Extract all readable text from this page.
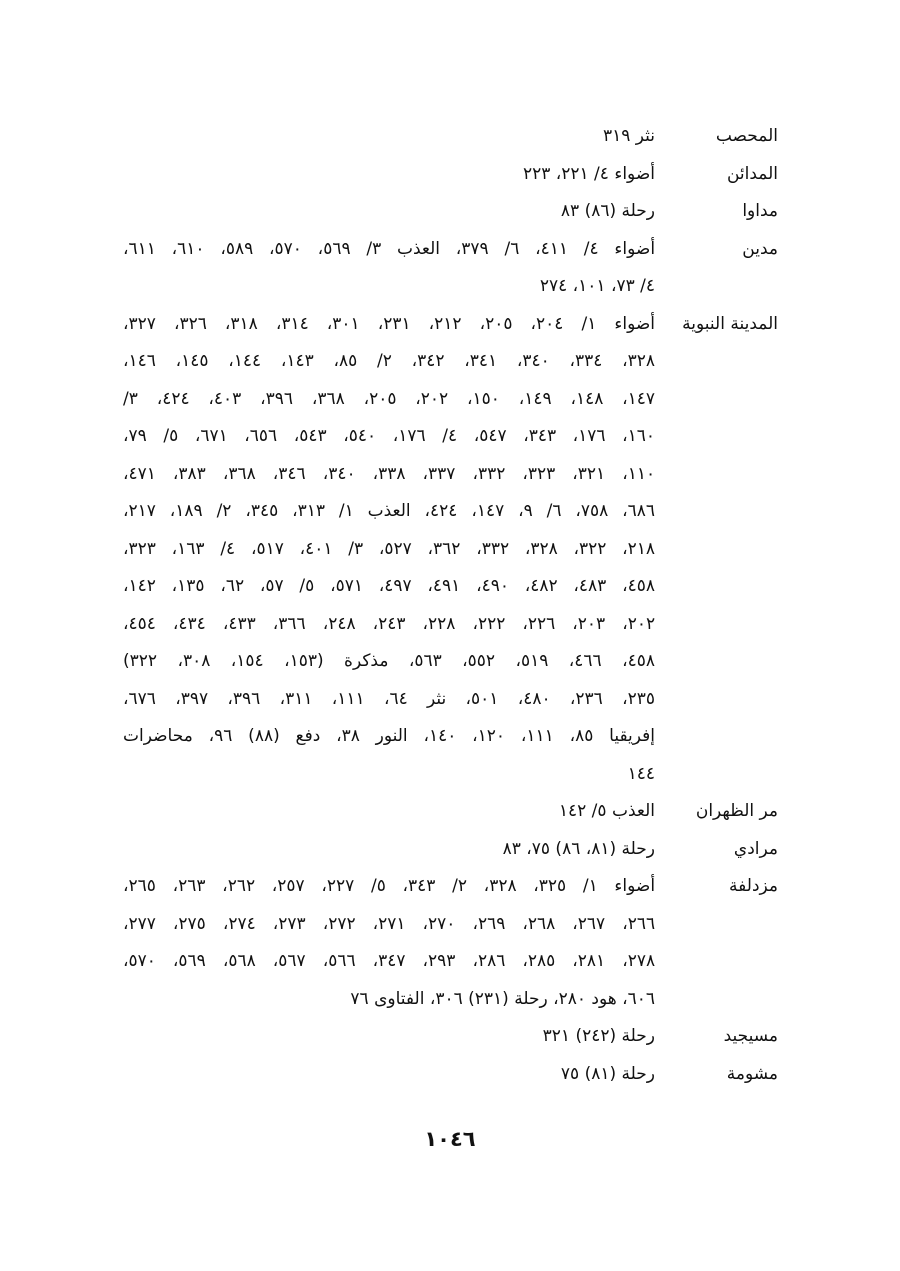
المحصب
نثر ٣١٩
المدائن
أضواء ٤/ ٢٢١، ٢٢٣
مداوا
رحلة (٨٦) ٨٣
مدين
أضواء ٤/ ٤١١، ٦/ ٣٧٩، العذب ٣/ ٥٦٩، ٥٧٠، ٥٨٩، ٦١٠، ٦١١،
٤/ ٧٣، ١٠١، ٢٧٤
المدينة النبوية
أضواء ١/ ٢٠٤، ٢٠٥، ٢١٢، ٢٣١، ٣٠١، ٣١٤، ٣١٨، ٣٢٦، ٣٢٧،
٣٢٨، ٣٣٤، ٣٤٠، ٣٤١، ٣٤٢، ٢/ ٨٥، ١٤٣، ١٤٤، ١٤٥، ١٤٦،
١٤٧، ١٤٨، ١٤٩، ١٥٠، ٢٠٢، ٢٠٥، ٣٦٨، ٣٩٦، ٤٠٣، ٤٢٤، ٣/
١٦٠، ١٧٦، ٣٤٣، ٥٤٧، ٤/ ١٧٦، ٥٤٠، ٥٤٣، ٦٥٦، ٦٧١، ٥/ ٧٩،
١١٠، ٣٢١، ٣٢٣، ٣٣٢، ٣٣٧، ٣٣٨، ٣٤٠، ٣٤٦، ٣٦٨، ٣٨٣، ٤٧١،
٦٨٦، ٧٥٨، ٦/ ٩، ١٤٧، ٤٢٤، العذب ١/ ٣١٣، ٣٤٥، ٢/ ١٨٩، ٢١٧،
٢١٨، ٣٢٢، ٣٢٨، ٣٣٢، ٣٦٢، ٥٢٧، ٣/ ٤٠١، ٥١٧، ٤/ ١٦٣، ٣٢٣،
٤٥٨، ٤٨٣، ٤٨٢، ٤٩٠، ٤٩١، ٤٩٧، ٥٧١، ٥/ ٥٧، ٦٢، ١٣٥، ١٤٢،
٢٠٢، ٢٠٣، ٢٢٦، ٢٢٢، ٢٢٨، ٢٤٣، ٢٤٨، ٣٦٦، ٤٣٣، ٤٣٤، ٤٥٤،
٤٥٨، ٤٦٦، ٥١٩، ٥٥٢، ٥٦٣، مذكرة (١٥٣، ١٥٤، ٣٠٨، ٣٢٢)
٢٣٥، ٢٣٦، ٤٨٠، ٥٠١، نثر ٦٤، ١١١، ٣١١، ٣٩٦، ٣٩٧، ٦٧٦،
إفريقيا ٨٥، ١١١، ١٢٠، ١٤٠، النور ٣٨، دفع (٨٨) ٩٦، محاضرات
١٤٤
مر الظهران
العذب ٥/ ١٤٢
مرادي
رحلة (٨١، ٨٦) ٧٥، ٨٣
مزدلفة
أضواء ١/ ٣٢٥، ٣٢٨، ٢/ ٣٤٣، ٥/ ٢٢٧، ٢٥٧، ٢٦٢، ٢٦٣، ٢٦٥،
٢٦٦، ٢٦٧، ٢٦٨، ٢٦٩، ٢٧٠، ٢٧١، ٢٧٢، ٢٧٣، ٢٧٤، ٢٧٥، ٢٧٧،
٢٧٨، ٢٨١، ٢٨٥، ٢٨٦، ٢٩٣، ٣٤٧، ٥٦٦، ٥٦٧، ٥٦٨، ٥٦٩، ٥٧٠،
٦٠٦، هود ٢٨٠، رحلة (٢٣١) ٣٠٦، الفتاوى ٧٦
مسيجيد
رحلة (٢٤٢) ٣٢١
مشومة
رحلة (٨١) ٧٥
١٠٤٦
